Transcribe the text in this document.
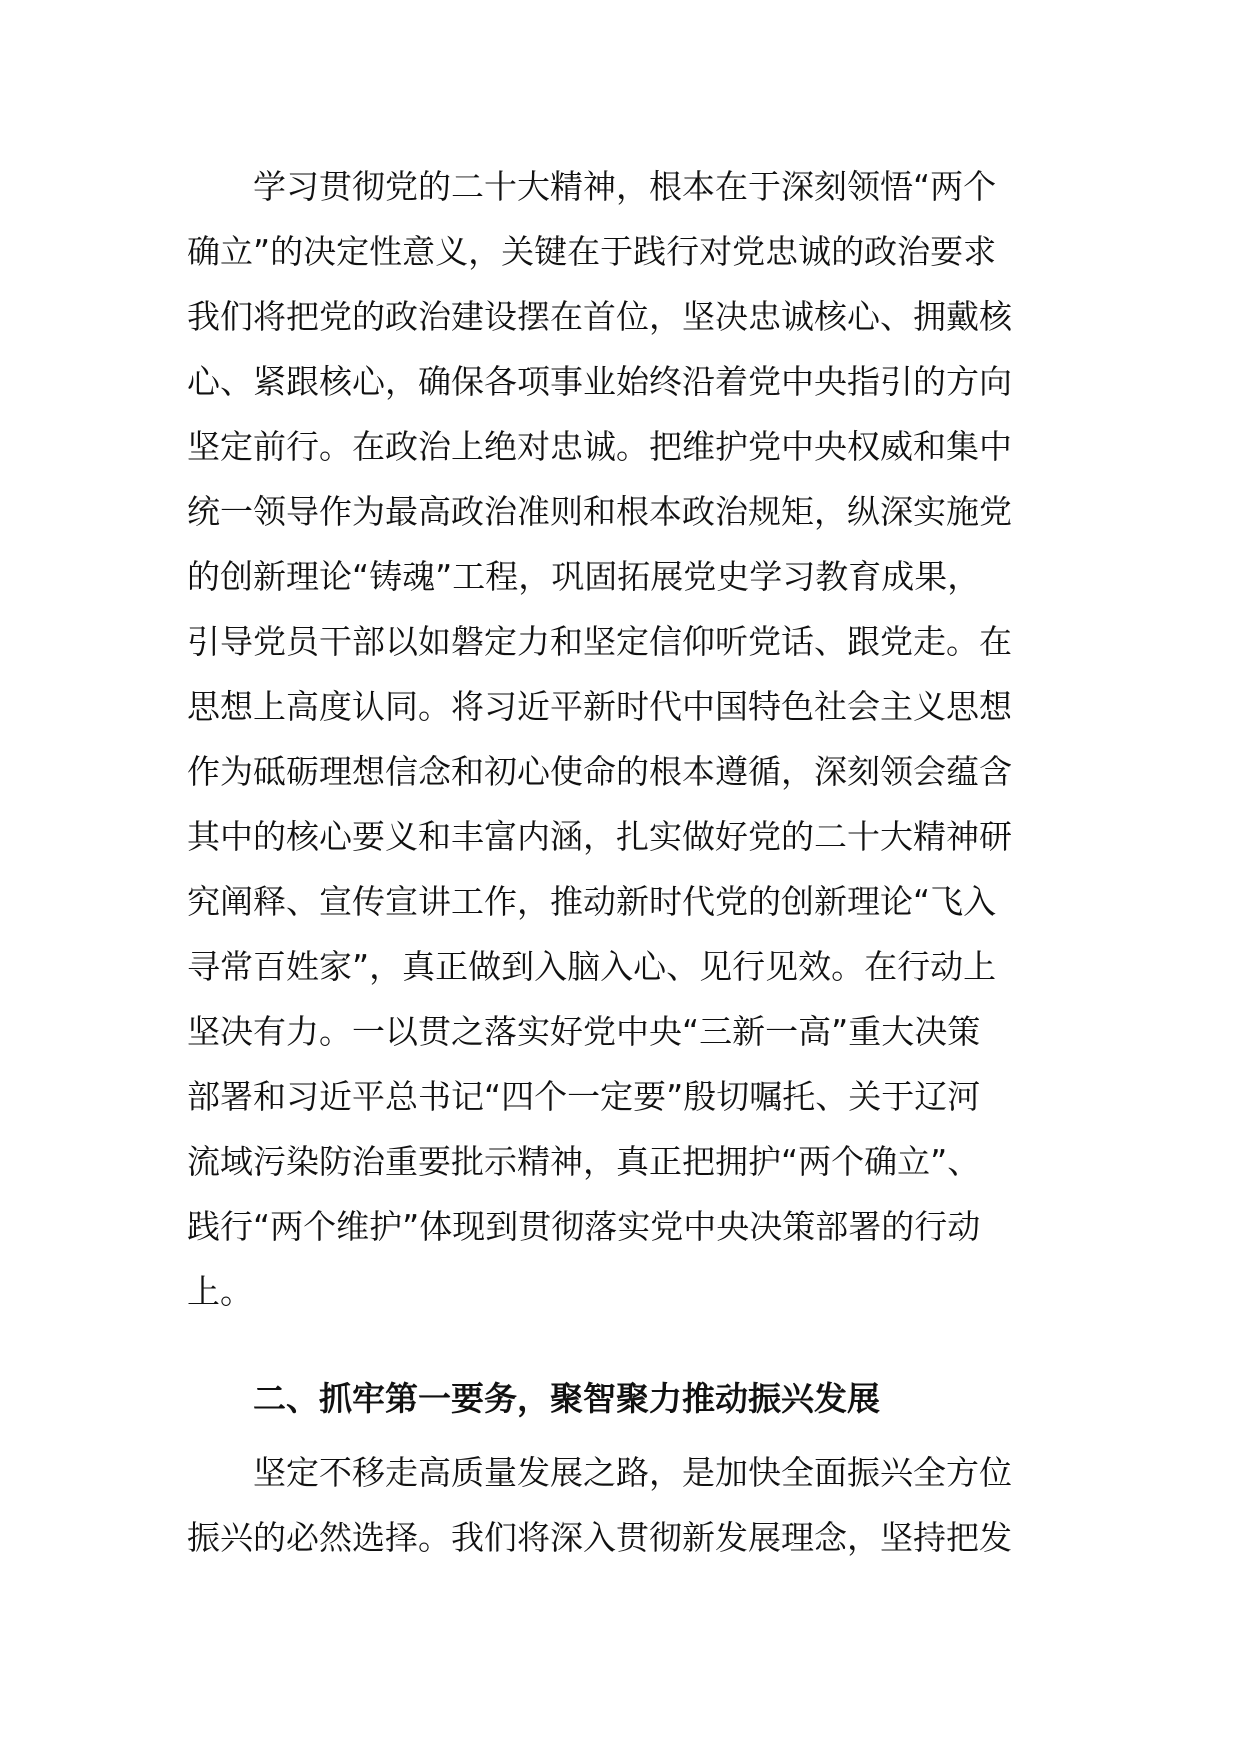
学习贯彻党的二十大精神，根本在于深刻领悟“两个
确立”的决定性意义，关键在于践行对党忠诚的政治要求
我们将把党的政治建设摆在首位，坚决忠诚核心、拥戴核
心、紧跟核心，确保各项事业始终沿着党中央指引的方向
坚定前行。在政治上绝对忠诚。把维护党中央权威和集中
统一领导作为最高政治准则和根本政治规矩，纵深实施党
的创新理论“铸魂”工程，巩固拓展党史学习教育成果，
引导党员干部以如磐定力和坚定信仰听党话、跟党走。在
思想上高度认同。将习近平新时代中国特色社会主义思想
作为砥砺理想信念和初心使命的根本遵循，深刻领会蕴含
其中的核心要义和丰富内涵，扎实做好党的二十大精神研
究阐释、宣传宣讲工作，推动新时代党的创新理论“飞入
寻常百姓家”，真正做到入脑入心、见行见效。在行动上
坚决有力。一以贯之落实好党中央“三新一高”重大决策
部署和习近平总书记“四个一定要”殷切嘱托、关于辽河
流域污染防治重要批示精神，真正把拥护“两个确立”、
践行“两个维护”体现到贯彻落实党中央决策部署的行动
上。
二、抓牢第一要务，聚智聚力推动振兴发展
坚定不移走高质量发展之路，是加快全面振兴全方位
振兴的必然选择。我们将深入贯彻新发展理念，坚持把发
